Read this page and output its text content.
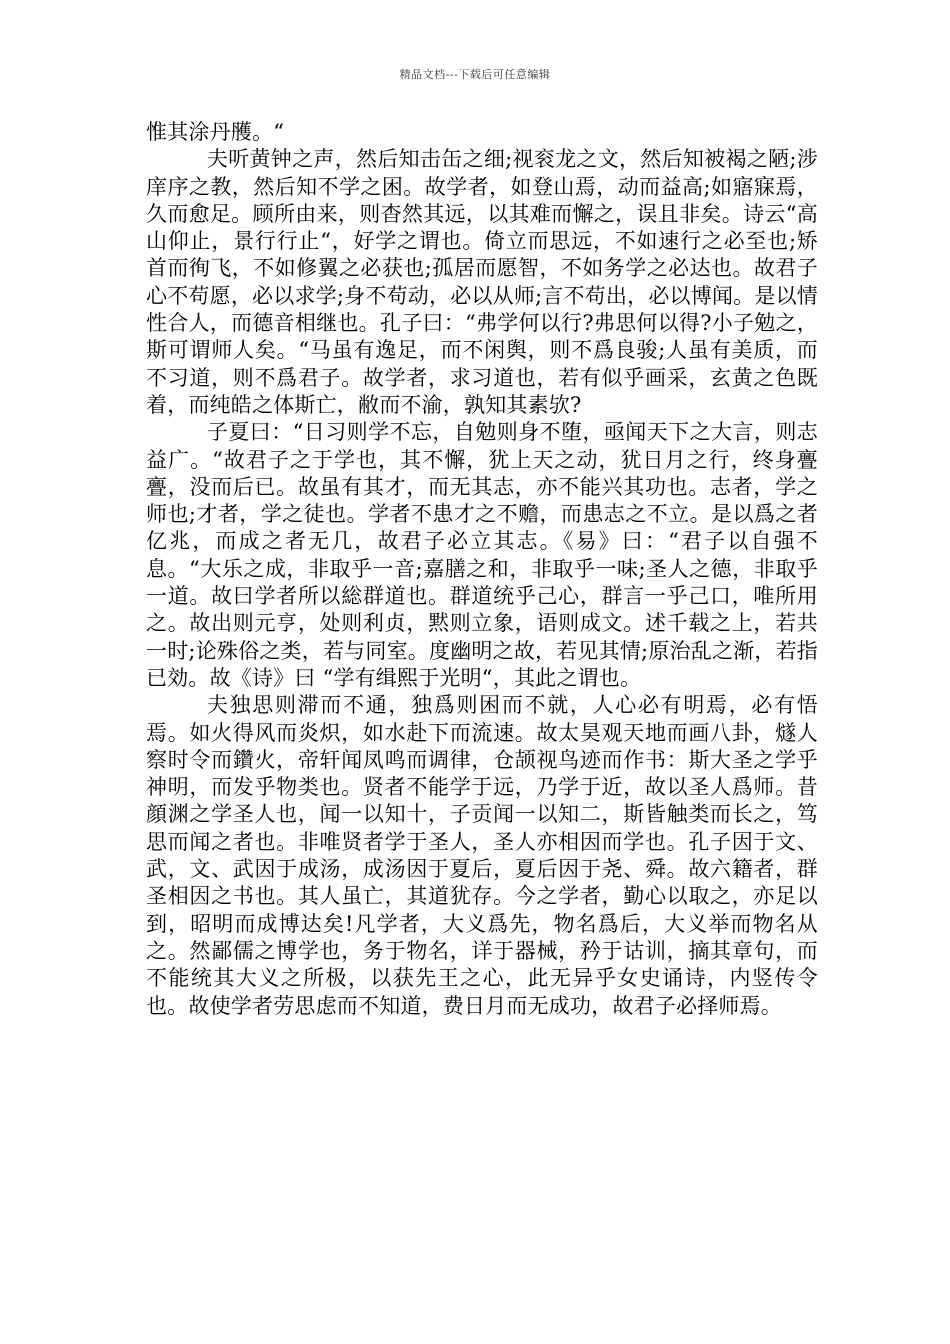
精品文档---下载后可任意编辑

惟其涂丹雘。“

夫听黄钟之声，然后知击缶之细;视衮龙之文，然后知被褐之陋;涉庠序之教，然后知不学之困。故学者，如登山焉，动而益高;如寤寐焉，久而愈足。顾所由来，则杳然其远，以其难而懈之，误且非矣。诗云“高山仰止，景行行止“，好学之谓也。倚立而思远，不如速行之必至也;矫首而徇飞，不如修翼之必获也;孤居而愿智，不如务学之必达也。故君子心不苟愿，必以求学;身不苟动，必以从师;言不苟出，必以博闻。是以情性合人，而德音相继也。孔子曰：“弗学何以行?弗思何以得?小子勉之，斯可谓师人矣。“马虽有逸足，而不闲舆，则不爲良骏;人虽有美质，而不习道，则不爲君子。故学者，求习道也，若有似乎画采，玄黄之色既着，而纯皓之体斯亡，敝而不渝，孰知其素欤?

子夏曰：“日习则学不忘，自勉则身不堕，亟闻天下之大言，则志益广。“故君子之于学也，其不懈，犹上天之动，犹日月之行，终身亹亹，没而后已。故虽有其才，而无其志，亦不能兴其功也。志者，学之师也;才者，学之徒也。学者不患才之不赡，而患志之不立。是以爲之者亿兆，而成之者无几，故君子必立其志。《易》曰：“君子以自强不息。“大乐之成，非取乎一音;嘉膳之和，非取乎一味;圣人之德，非取乎一道。故曰学者所以総群道也。群道统乎己心，群言一乎己口，唯所用之。故出则元亨，处则利贞，黙则立象，语则成文。述千载之上，若共一时;论殊俗之类，若与同室。度幽明之故，若见其情;原治乱之渐，若指已効。故《诗》曰 “学有缉熙于光明“，其此之谓也。

夫独思则滞而不通，独爲则困而不就，人心必有明焉，必有悟焉。如火得风而炎炽，如水赴下而流速。故太昊观天地而画八卦，燧人察时令而鑽火，帝轩闻凤鸣而调律，仓颉视鸟迹而作书：斯大圣之学乎神明，而发乎物类也。贤者不能学于远，乃学于近，故以圣人爲师。昔顔渊之学圣人也，闻一以知十，子贡闻一以知二，斯皆触类而长之，笃思而闻之者也。非唯贤者学于圣人，圣人亦相因而学也。孔子因于文、武，文、武因于成汤，成汤因于夏后，夏后因于尧、舜。故六籍者，群圣相因之书也。其人虽亡，其道犹存。今之学者，勤心以取之，亦足以到，昭明而成博达矣!凡学者，大义爲先，物名爲后，大义举而物名从之。然鄙儒之博学也，务于物名，详于器械，矜于诂训，摘其章句，而不能统其大义之所极，以获先王之心，此无异乎女史诵诗，内竖传令也。故使学者劳思虑而不知道，费日月而无成功，故君子必择师焉。
